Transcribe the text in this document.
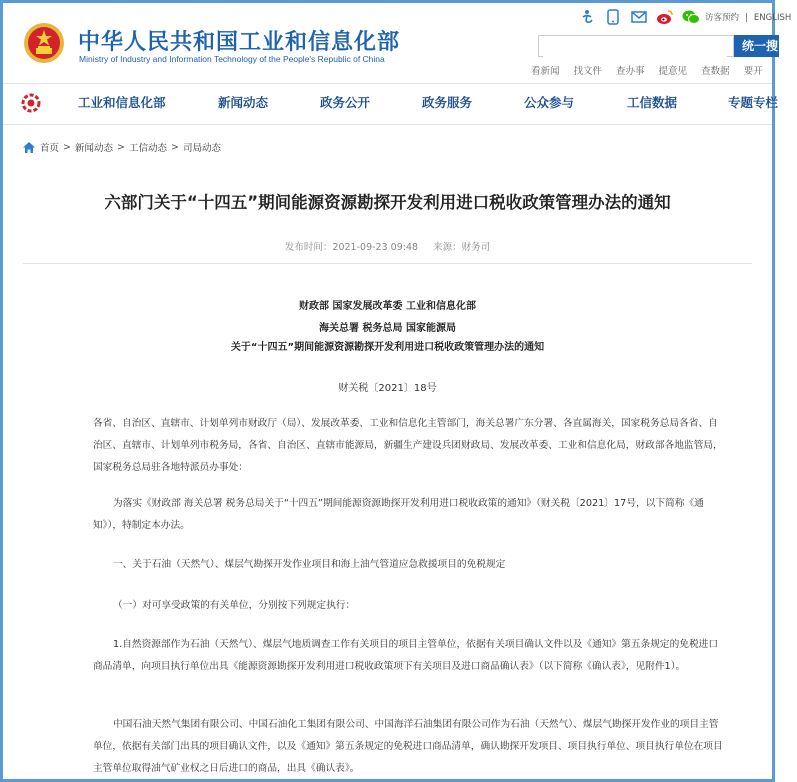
中华人民共和国工业和信息化部
Ministry of Industry and Information Technology of the People's Republic of China
访客预约 | ENGLISH
统一搜
看新闻 找文件 查办事 提意见 查数据 要开
工业和信息化部	新闻动态	政务公开	政务服务	公众参与	工信数据	专题专栏
首页 > 新闻动态 > 工信动态 > 司局动态
六部门关于“十四五”期间能源资源勘探开发利用进口税收政策管理办法的通知
发布时间：2021-09-23 09:48 来源：财务司
财政部 国家发展改革委 工业和信息化部
海关总署 税务总局 国家能源局
关于“十四五”期间能源资源勘探开发利用进口税收政策管理办法的通知
财关税〔2021〕18号
各省、自治区、直辖市、计划单列市财政厅（局）、发展改革委、工业和信息化主管部门，海关总署广东分署、各直属海关，国家税务总局各省、自治区、直辖市、计划单列市税务局，各省、自治区、直辖市能源局，新疆生产建设兵团财政局、发展改革委、工业和信息化局，财政部各地监管局，国家税务总局驻各地特派员办事处：
为落实《财政部 海关总署 税务总局关于“十四五”期间能源资源勘探开发利用进口税收政策的通知》（财关税〔2021〕17号，以下简称《通知》），特制定本办法。
一、关于石油（天然气）、煤层气勘探开发作业项目和海上油气管道应急救援项目的免税规定
（一）对可享受政策的有关单位，分别按下列规定执行：
1.自然资源部作为石油（天然气）、煤层气地质调查工作有关项目的项目主管单位，依据有关项目确认文件以及《通知》第五条规定的免税进口商品清单，向项目执行单位出具《能源资源勘探开发利用进口税收政策项下有关项目及进口商品确认表》（以下简称《确认表》，见附件1）。
中国石油天然气集团有限公司、中国石油化工集团有限公司、中国海洋石油集团有限公司作为石油（天然气）、煤层气勘探开发作业的项目主管单位，依据有关部门出具的项目确认文件，以及《通知》第五条规定的免税进口商品清单，确认勘探开发项目、项目执行单位、项目执行单位在项目主管单位取得油气矿业权之日后进口的商品，出具《确认表》。
